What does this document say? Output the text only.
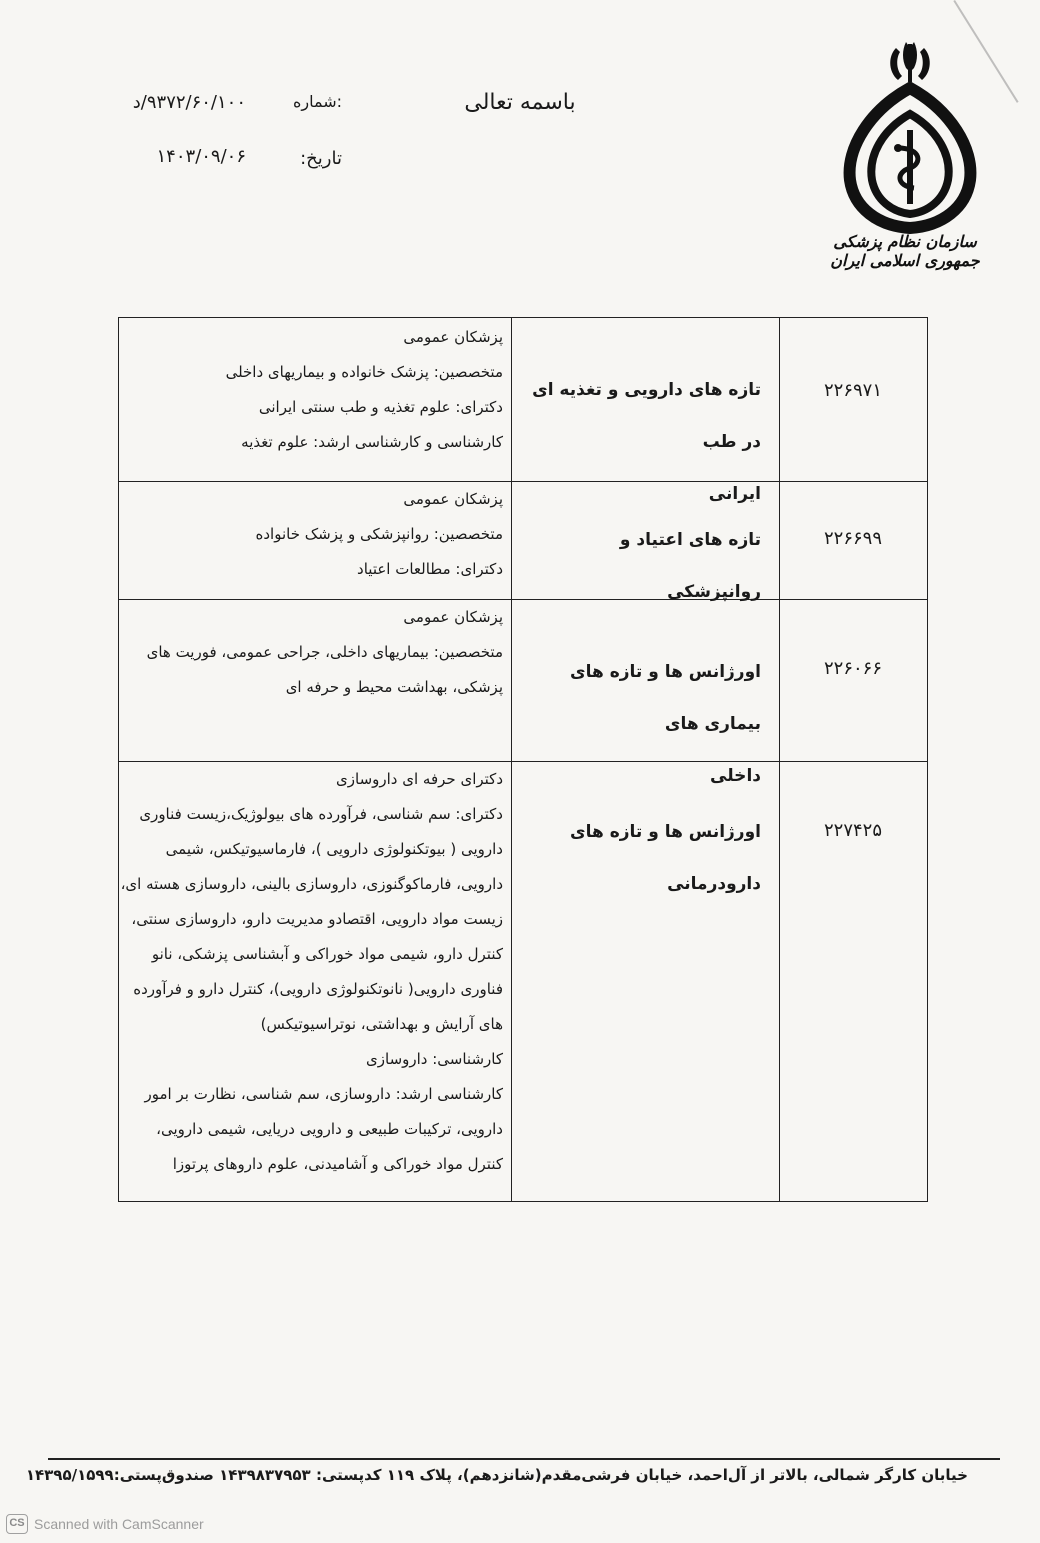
سازمان نظام پزشکی جمهوری اسلامی ایران
باسمه تعالی
شماره:
۹۳۷۲/۶۰/۱۰۰/د
تاریخ:
۱۴۰۳/۰۹/۰۶
۲۲۶۹۷۱
تازه های دارویی و تغذیه ای در طب
ایرانی
پزشکان عمومی
متخصصین: پزشک خانواده و بیماریهای داخلی
دکترای: علوم تغذیه و طب سنتی ایرانی
کارشناسی و کارشناسی ارشد: علوم تغذیه
۲۲۶۶۹۹
تازه های اعتیاد و روانپزشکی
پزشکان عمومی
متخصصین: روانپزشکی و پزشک خانواده
دکترای: مطالعات اعتیاد
۲۲۶۰۶۶
اورژانس ها و تازه های بیماری های
داخلی
پزشکان عمومی
متخصصین: بیماریهای داخلی، جراحی عمومی، فوریت های
پزشکی، بهداشت محیط و حرفه ای
۲۲۷۴۲۵
اورژانس ها و تازه های دارودرمانی
دکترای حرفه ای داروسازی
دکترای: سم شناسی، فرآورده های بیولوژیک،زیست فناوری
دارویی ( بیوتکنولوژی دارویی )، فارماسیوتیکس، شیمی
دارویی، فارماکوگنوزی، داروسازی بالینی، داروسازی هسته ای،
زیست مواد دارویی، اقتصادو مدیریت دارو، داروسازی سنتی،
کنترل دارو، شیمی مواد خوراکی و آبشناسی پزشکی، نانو
فناوری دارویی( نانوتکنولوژی دارویی)، کنترل دارو و فرآورده
های آرایش و بهداشتی، نوتراسیوتیکس)
کارشناسی: داروسازی
کارشناسی ارشد: داروسازی، سم شناسی، نظارت بر امور
دارویی، ترکیبات طبیعی و دارویی دریایی، شیمی دارویی،
کنترل مواد خوراکی و آشامیدنی، علوم داروهای پرتوزا
خیابان کارگر شمالی، بالاتر از آل‌احمد، خیابان فرشی‌مقدم(شانزدهم)، پلاک ۱۱۹ کدپستی: ۱۴۳۹۸۳۷۹۵۳ صندوق‌پستی:۱۴۳۹۵/۱۵۹۹
CS Scanned with CamScanner
